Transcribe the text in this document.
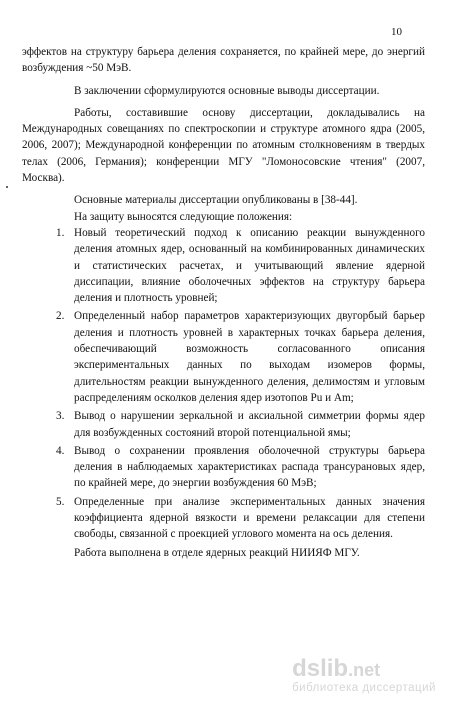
10

эффектов на структуру барьера деления сохраняется, по крайней мере, до энергий возбуждения ~50 МэВ.

В заключении сформулируются основные выводы диссертации.

Работы, составившие основу диссертации, докладывались на Международных совещаниях по спектроскопии и структуре атомного ядра (2005, 2006, 2007); Международной конференции по атомным столкновениям в твердых телах (2006, Германия); конференции МГУ "Ломоносовские чтения" (2007, Москва).

Основные материалы диссертации опубликованы в [38-44].

На защиту выносятся следующие положения:

1. Новый теоретический подход к описанию реакции вынужденного деления атомных ядер, основанный на комбинированных динамических и статистических расчетах, и учитывающий явление ядерной диссипации, влияние оболочечных эффектов на структуру барьера деления и плотность уровней;
2. Определенный набор параметров характеризующих двугорбый барьер деления и плотность уровней в характерных точках барьера деления, обеспечивающий возможность согласованного описания экспериментальных данных по выходам изомеров формы, длительностям реакции вынужденного деления, делимостям и угловым распределениям осколков деления ядер изотопов Pu и Am;
3. Вывод о нарушении зеркальной и аксиальной симметрии формы ядер для возбужденных состояний второй потенциальной ямы;
4. Вывод о сохранении проявления оболочечной структуры барьера деления в наблюдаемых характеристиках распада трансурановых ядер, по крайней мере, до энергии возбуждения 60 МэВ;
5. Определенные при анализе экспериментальных данных значения коэффициента ядерной вязкости и времени релаксации для степени свободы, связанной с проекцией углового момента на ось деления.

Работа выполнена в отделе ядерных реакций НИИЯФ МГУ.

dslib.net
библиотека диссертаций
